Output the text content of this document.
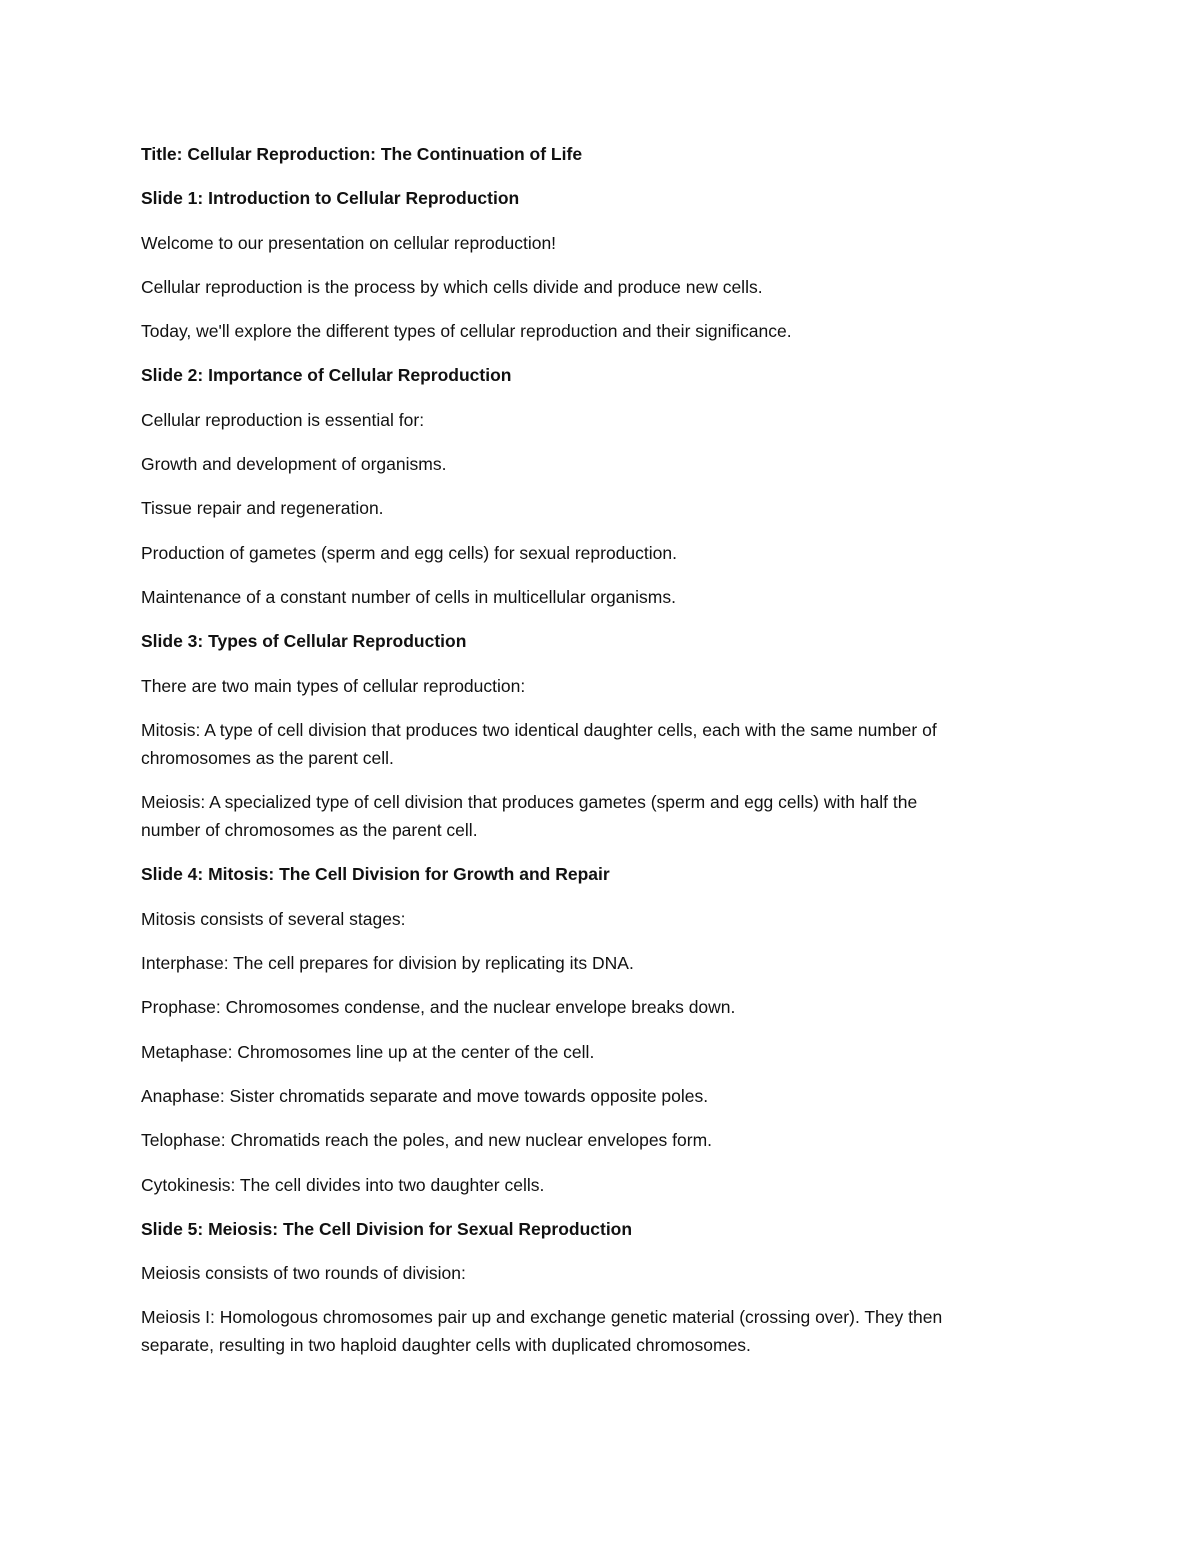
Title: Cellular Reproduction: The Continuation of Life

Slide 1: Introduction to Cellular Reproduction

Welcome to our presentation on cellular reproduction!

Cellular reproduction is the process by which cells divide and produce new cells.

Today, we'll explore the different types of cellular reproduction and their significance.

Slide 2: Importance of Cellular Reproduction

Cellular reproduction is essential for:

Growth and development of organisms.

Tissue repair and regeneration.

Production of gametes (sperm and egg cells) for sexual reproduction.

Maintenance of a constant number of cells in multicellular organisms.

Slide 3: Types of Cellular Reproduction

There are two main types of cellular reproduction:

Mitosis: A type of cell division that produces two identical daughter cells, each with the same number of
chromosomes as the parent cell.

Meiosis: A specialized type of cell division that produces gametes (sperm and egg cells) with half the
number of chromosomes as the parent cell.

Slide 4: Mitosis: The Cell Division for Growth and Repair

Mitosis consists of several stages:

Interphase: The cell prepares for division by replicating its DNA.

Prophase: Chromosomes condense, and the nuclear envelope breaks down.

Metaphase: Chromosomes line up at the center of the cell.

Anaphase: Sister chromatids separate and move towards opposite poles.

Telophase: Chromatids reach the poles, and new nuclear envelopes form.

Cytokinesis: The cell divides into two daughter cells.

Slide 5: Meiosis: The Cell Division for Sexual Reproduction

Meiosis consists of two rounds of division:

Meiosis I: Homologous chromosomes pair up and exchange genetic material (crossing over). They then
separate, resulting in two haploid daughter cells with duplicated chromosomes.
